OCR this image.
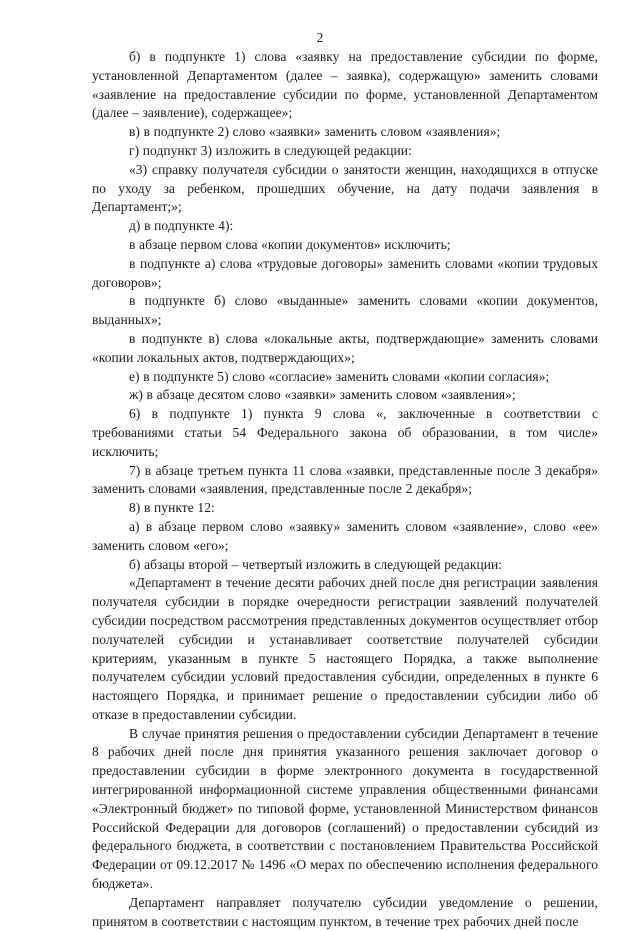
2

б) в подпункте 1) слова «заявку на предоставление субсидии по форме, установленной Департаментом (далее – заявка), содержащую» заменить словами «заявление на предоставление субсидии по форме, установленной Департаментом (далее – заявление), содержащее»;

в) в подпункте 2) слово «заявки» заменить словом «заявления»;

г) подпункт 3) изложить в следующей редакции:

«3) справку получателя субсидии о занятости женщин, находящихся в отпуске по уходу за ребенком, прошедших обучение, на дату подачи заявления в Департамент;»;

д) в подпункте 4):

в абзаце первом слова «копии документов» исключить;

в подпункте а) слова «трудовые договоры» заменить словами «копии трудовых договоров»;

в подпункте б) слово «выданные» заменить словами «копии документов, выданных»;

в подпункте в) слова «локальные акты, подтверждающие» заменить словами «копии локальных актов, подтверждающих»;

е) в подпункте 5) слово «согласие» заменить словами «копии согласия»;

ж) в абзаце десятом слово «заявки» заменить словом «заявления»;

6) в подпункте 1) пункта 9 слова «, заключенные в соответствии с требованиями статьи 54 Федерального закона об образовании, в том числе» исключить;

7) в абзаце третьем пункта 11 слова «заявки, представленные после 3 декабря» заменить словами «заявления, представленные после 2 декабря»;

8) в пункте 12:

а) в абзаце первом слово «заявку» заменить словом «заявление», слово «ее» заменить словом «его»;

б) абзацы второй – четвертый изложить в следующей редакции:

«Департамент в течение десяти рабочих дней после дня регистрации заявления получателя субсидии в порядке очередности регистрации заявлений получателей субсидии посредством рассмотрения представленных документов осуществляет отбор получателей субсидии и устанавливает соответствие получателей субсидии критериям, указанным в пункте 5 настоящего Порядка, а также выполнение получателем субсидии условий предоставления субсидии, определенных в пункте 6 настоящего Порядка, и принимает решение о предоставлении субсидии либо об отказе в предоставлении субсидии.

В случае принятия решения о предоставлении субсидии Департамент в течение 8 рабочих дней после дня принятия указанного решения заключает договор о предоставлении субсидии в форме электронного документа в государственной интегрированной информационной системе управления общественными финансами «Электронный бюджет» по типовой форме, установленной Министерством финансов Российской Федерации для договоров (соглашений) о предоставлении субсидий из федерального бюджета, в соответствии с постановлением Правительства Российской Федерации от 09.12.2017 № 1496 «О мерах по обеспечению исполнения федерального бюджета».

Департамент направляет получателю субсидии уведомление о решении, принятом в соответствии с настоящим пунктом, в течение трех рабочих дней после
